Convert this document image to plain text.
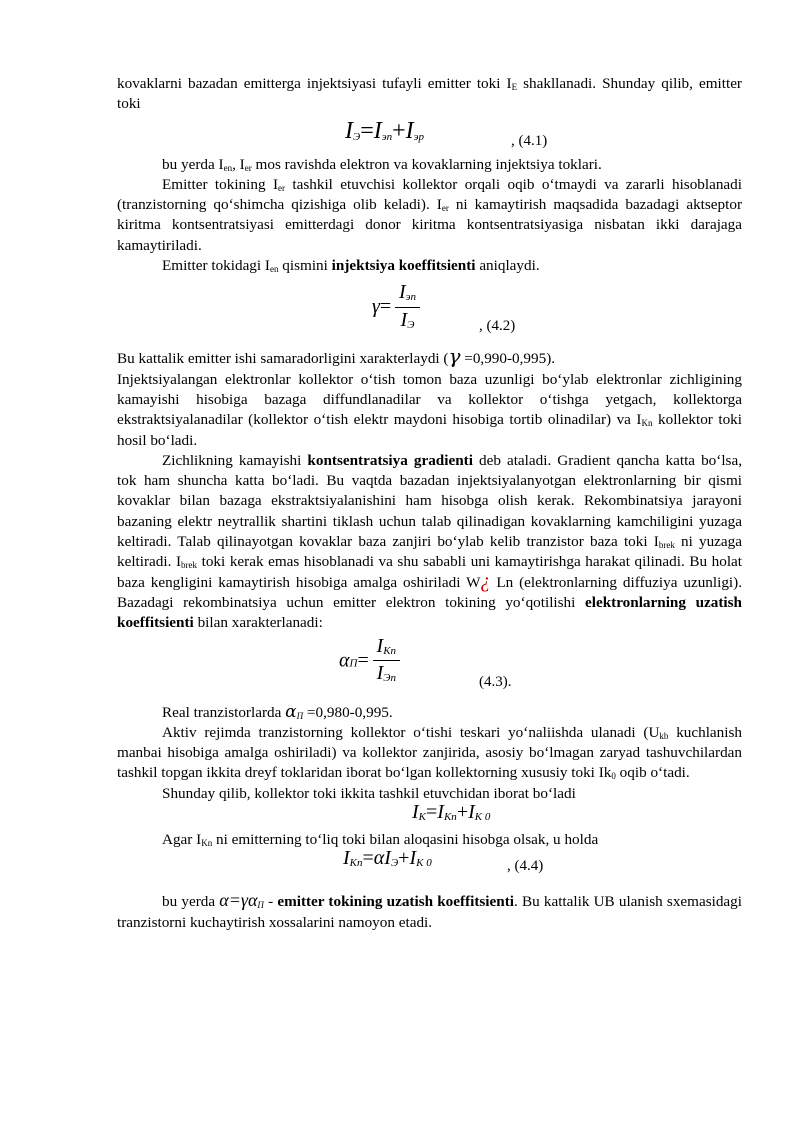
kovaklarni bazadan emitterga injektsiyasi tufayli emitter toki $I_E$ shakllanadi. Shunday qilib, emitter toki

$I_Э=I_{эn}+I_{эр}$	, (4.1)

bu yerda $I_{en}$, $I_{er}$ mos ravishda elektron va kovaklarning injektsiya toklari.

Emitter tokining $I_{er}$ tashkil etuvchisi kollektor orqali oqib o‘tmaydi va zararli hisoblanadi (tranzistorning qo‘shimcha qizishiga olib keladi). $I_{er}$ ni kamaytirish maqsadida bazadagi aktseptor kiritma kontsentratsiyasi emitterdagi donor kiritma kontsentratsiyasiga nisbatan ikki darajaga kamaytiriladi.

Emitter tokidagi $I_{en}$ qismini injektsiya koeffitsienti aniqlaydi.

$\gamma= \frac{I_{эn}}{I_Э}$	, (4.2)

Bu kattalik emitter ishi samaradorligini xarakterlaydi (γ =0,990-0,995).

Injektsiyalangan elektronlar kollektor o‘tish tomon baza uzunligi bo‘ylab elektronlar zichligining kamayishi hisobiga bazaga diffundlanadilar va kollektor o‘tishga yetgach, kollektorga ekstraktsiyalanadilar (kollektor o‘tish elektr maydoni hisobiga tortib olinadilar) va $I_{Kn}$ kollektor toki hosil bo‘ladi.

Zichlikning kamayishi kontsentratsiya gradienti deb ataladi. Gradient qancha katta bo‘lsa, tok ham shuncha katta bo‘ladi. Bu vaqtda bazadan injektsiyalanyotgan elektronlarning bir qismi kovaklar bilan bazaga ekstraktsiyalanishini ham hisobga olish kerak. Rekombinatsiya jarayoni bazaning elektr neytrallik shartini tiklash uchun talab qilinadigan kovaklarning kamchiligini yuzaga keltiradi. Talab qilinayotgan kovaklar baza zanjiri bo‘ylab kelib tranzistor baza toki $I_{brek}$ ni yuzaga keltiradi. $I_{brek}$ toki kerak emas hisoblanadi va shu sababli uni kamaytirishga harakat qilinadi. Bu holat baza kengligini kamaytirish hisobiga amalga oshiriladi W¿ Ln (elektronlarning diffuziya uzunligi). Bazadagi rekombinatsiya uchun emitter elektron tokining yo‘qotilishi elektronlarning uzatish koeffitsienti bilan xarakterlanadi:

$\alpha_П= \frac{I_{Kn}}{I_{Эn}}$	(4.3).

Real tranzistorlarda $\alpha_П =0,980-0,995$.

Aktiv rejimda tranzistorning kollektor o‘tishi teskari yo‘naliishda ulanadi ($U_{kb}$ kuchlanish manbai hisobiga amalga oshiriladi) va kollektor zanjirida, asosiy bo‘lmagan zaryad tashuvchilardan tashkil topgan ikkita dreyf toklaridan iborat bo‘lgan kollektorning xususiy toki $Ik_0$ oqib o‘tadi.

Shunday qilib, kollektor toki ikkita tashkil etuvchidan iborat bo‘ladi

$I_K=I_{Kn}+I_{K 0}$

Agar $I_{Kn}$ ni emitterning to‘liq toki bilan aloqasini hisobga olsak, u holda

$I_{Kn}=\alpha I_Э+I_{K 0}$	, (4.4)

bu yerda $\alpha=\gamma\alpha_П$ - emitter tokining uzatish koeffitsienti. Bu kattalik UB ulanish sxemasidagi tranzistorni kuchaytirish xossalarini namoyon etadi.
